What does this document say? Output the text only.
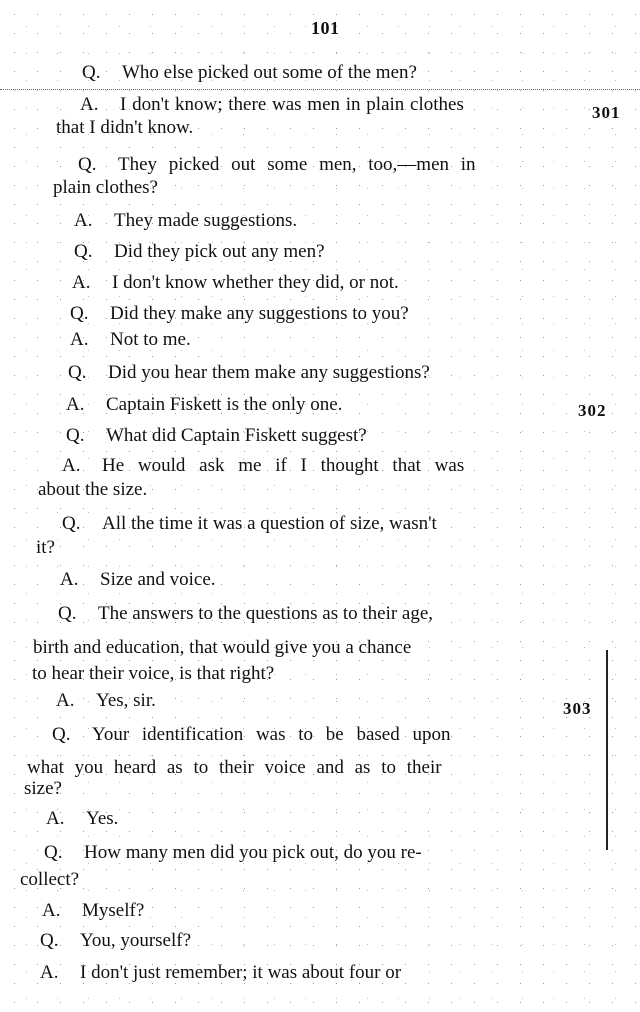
101
301
302
303
Q. Who else picked out some of the men?
A. I don't know; there was men in plain clothes
that I didn't know.
Q. They picked out some men, too,—men in
plain clothes?
A. They made suggestions.
Q. Did they pick out any men?
A. I don't know whether they did, or not.
Q. Did they make any suggestions to you?
A. Not to me.
Q. Did you hear them make any suggestions?
A. Captain Fiskett is the only one.
Q. What did Captain Fiskett suggest?
A. He would ask me if I thought that was
about the size.
Q. All the time it was a question of size, wasn't
it?
A. Size and voice.
Q. The answers to the questions as to their age,
birth and education, that would give you a chance
to hear their voice, is that right?
A. Yes, sir.
Q. Your identification was to be based upon
what you heard as to their voice and as to their
size?
A. Yes.
Q. How many men did you pick out, do you re-
collect?
A. Myself?
Q. You, yourself?
A. I don't just remember; it was about four or
